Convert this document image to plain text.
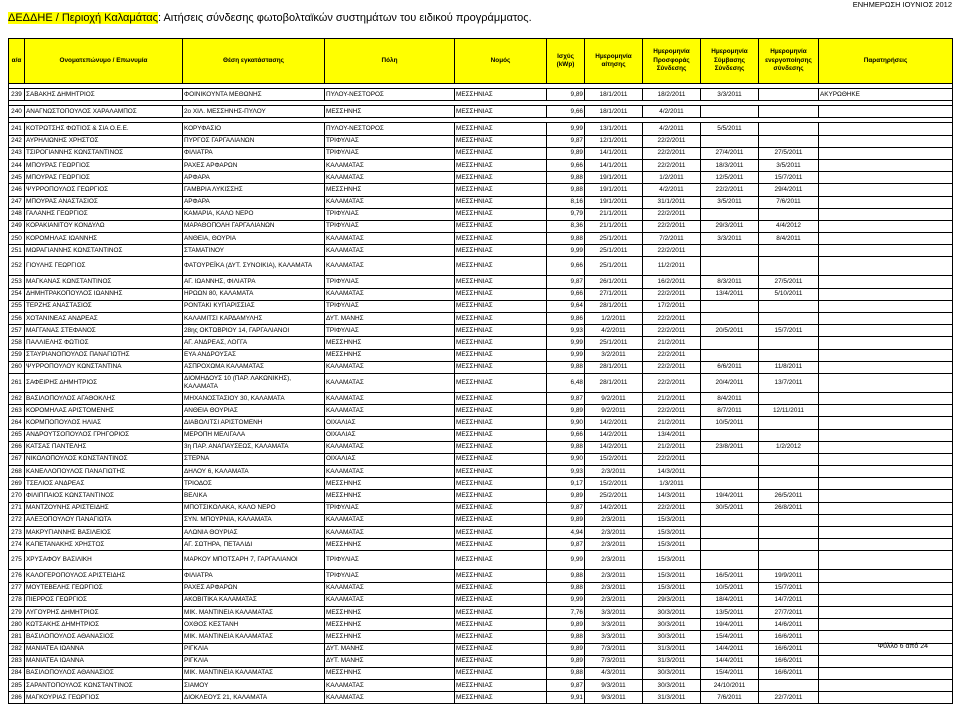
ΕΝΗΜΕΡΩΣΗ ΙΟΥΝΙΟΣ 2012
ΔΕΔΔΗΕ / Περιοχή Καλαμάτας: Αιτήσεις σύνδεσης φωτοβολταϊκών συστημάτων του ειδικού προγράμματος.
α/α	Ονοματεπώνυμο / Επωνυμία	Θέση εγκατάστασης	Πόλη	Νομός	Ισχύς (kWp)	Ημερομηνία αίτησης	Ημερομηνία Προσφοράς Σύνδεσης	Ημερομηνία Σύμβασης Σύνδεσης	Ημερομηνία ενεργοποίησης σύνδεσης	Παρατηρήσεις

239	ΣΑΒΑΚΗΣ ΔΗΜΗΤΡΙΟΣ	ΦΟΙΝΙΚΟΥΝΤΑ ΜΕΘΩΝΗΣ	ΠΥΛΟΥ-ΝΕΣΤΟΡΟΣ	ΜΕΣΣΗΝΙΑΣ	9,89	18/1/2011	18/2/2011	3/3/2011		ΑΚΥΡΩΘΗΚΕ

240	ΑΝΑΓΝΩΣΤΟΠΟΥΛΟΣ ΧΑΡΑΛΑΜΠΟΣ	2ο ΧΙΛ. ΜΕΣΣΗΝΗΣ-ΠΥΛΟΥ	ΜΕΣΣΗΝΗΣ	ΜΕΣΣΗΝΙΑΣ	9,66	18/1/2011	4/2/2011			

241	ΚΟΤΡΩΤΣΗΣ ΦΩΤΙΟΣ & ΣΙΑ Ο.Ε.Ε.	ΚΟΡΥΦΑΣΙΟ	ΠΥΛΟΥ-ΝΕΣΤΟΡΟΣ	ΜΕΣΣΗΝΙΑΣ	9,99	13/1/2011	4/2/2011	5/5/2011		
242	ΑΥΡΗΛΙΩΝΗΣ ΧΡΗΣΤΟΣ	ΠΥΡΓΟΣ ΓΑΡΓΑΛΙΑΝΩΝ	ΤΡΙΦΥΛΙΑΣ	ΜΕΣΣΗΝΙΑΣ	9,87	12/1/2011	22/2/2011			
243	ΤΣΙΡΟΓΙΑΝΝΗΣ ΚΩΝΣΤΑΝΤΙΝΟΣ	ΦΙΛΙΑΤΡΑ	ΤΡΙΦΥΛΙΑΣ	ΜΕΣΣΗΝΙΑΣ	9,89	14/1/2011	22/2/2011	27/4/2011	27/5/2011	
244	ΜΠΟΥΡΑΣ ΓΕΩΡΓΙΟΣ	ΡΑΧΕΣ ΑΡΦΑΡΩΝ	ΚΑΛΑΜΑΤΑΣ	ΜΕΣΣΗΝΙΑΣ	9,66	14/1/2011	22/2/2011	18/3/2011	3/5/2011	
245	ΜΠΟΥΡΑΣ ΓΕΩΡΓΙΟΣ	ΑΡΦΑΡΑ	ΚΑΛΑΜΑΤΑΣ	ΜΕΣΣΗΝΙΑΣ	9,88	19/1/2011	1/2/2011	12/5/2011	15/7/2011	
246	ΨΥΡΡΟΠΟΥΛΟΣ ΓΕΩΡΓΙΟΣ	ΓΑΜΒΡΙΑ ΛΥΚΙΣΣΗΣ	ΜΕΣΣΗΝΗΣ	ΜΕΣΣΗΝΙΑΣ	9,88	19/1/2011	4/2/2011	22/2/2011	29/4/2011	
247	ΜΠΟΥΡΑΣ ΑΝΑΣΤΑΣΙΟΣ	ΑΡΦΑΡΑ	ΚΑΛΑΜΑΤΑΣ	ΜΕΣΣΗΝΙΑΣ	8,16	19/1/2011	31/1/2011	3/5/2011	7/6/2011	
248	ΓΑΛΑΝΗΣ ΓΕΩΡΓΙΟΣ	ΚΑΜΑΡΙΑ, ΚΑΛΟ ΝΕΡΟ	ΤΡΙΦΥΛΙΑΣ	ΜΕΣΣΗΝΙΑΣ	9,79	21/1/2011	22/2/2011			
249	ΚΟΡΑΚΙΑΝΙΤΟΥ ΚΟΝΔΥΛΩ	ΜΑΡΑΘΟΠΟΛΗ ΓΑΡΓΑΛΙΑΝΩΝ	ΤΡΙΦΥΛΙΑΣ	ΜΕΣΣΗΝΙΑΣ	8,36	21/1/2011	22/2/2011	29/3/2011	4/4/2012	
250	ΚΟΡΟΜΗΛΑΣ ΙΩΑΝΝΗΣ	ΑΝΘΕΙΑ, ΘΟΥΡΙΑ	ΚΑΛΑΜΑΤΑΣ	ΜΕΣΣΗΝΙΑΣ	9,88	25/1/2011	7/2/2011	3/3/2011	8/4/2011	
251	ΜΩΡΑΓΙΑΝΝΗΣ ΚΩΝΣΤΑΝΤΙΝΟΣ	ΣΤΑΜΑΤΙΝΟΥ	ΚΑΛΑΜΑΤΑΣ	ΜΕΣΣΗΝΙΑΣ	9,99	25/1/2011	22/2/2011			
252	ΓΙΟΥΛΗΣ ΓΕΩΡΓΙΟΣ	ΦΑΤΟΥΡΕΪΚΑ (ΔΥΤ. ΣΥΝΟΙΚΙΑ), ΚΑΛΑΜΑΤΑ	ΚΑΛΑΜΑΤΑΣ	ΜΕΣΣΗΝΙΑΣ	9,66	25/1/2011	11/2/2011			
253	ΜΑΓΚΑΝΑΣ ΚΩΝΣΤΑΝΤΙΝΟΣ	ΑΓ. ΙΩΑΝΝΗΣ, ΦΙΛΙΑΤΡΑ	ΤΡΙΦΥΛΙΑΣ	ΜΕΣΣΗΝΙΑΣ	9,87	26/1/2011	16/2/2011	8/3/2011	27/5/2011	
254	ΔΗΜΗΤΡΑΚΟΠΟΥΛΟΣ ΙΩΑΝΝΗΣ	ΗΡΩΩΝ 80, ΚΑΛΑΜΑΤΑ	ΚΑΛΑΜΑΤΑΣ	ΜΕΣΣΗΝΙΑΣ	9,66	27/1/2011	22/2/2011	13/4/2011	5/10/2011	
255	ΤΕΡΖΗΣ ΑΝΑΣΤΑΣΙΟΣ	ΡΟΝΤΑΚΙ ΚΥΠΑΡΙΣΣΙΑΣ	ΤΡΙΦΥΛΙΑΣ	ΜΕΣΣΗΝΙΑΣ	9,64	28/1/2011	17/2/2011			
256	ΧΟΤΑΝΙΝΕΑΣ ΑΝΔΡΕΑΣ	ΚΑΛΑΜΙΤΣΙ ΚΑΡΔΑΜΥΛΗΣ	ΔΥΤ. ΜΑΝΗΣ	ΜΕΣΣΗΝΙΑΣ	9,86	1/2/2011	22/2/2011			
257	ΜΑΓΓΑΝΑΣ ΣΤΕΦΑΝΟΣ	28ης ΟΚΤΩΒΡΙΟΥ 14, ΓΑΡΓΑΛΙΑΝΟΙ	ΤΡΙΦΥΛΙΑΣ	ΜΕΣΣΗΝΙΑΣ	9,93	4/2/2011	22/2/2011	20/5/2011	15/7/2011	
258	ΠΑΛΛΙΕΛΗΣ ΦΩΤΙΟΣ	ΑΓ. ΑΝΔΡΕΑΣ, ΛΟΓΓΑ	ΜΕΣΣΗΝΗΣ	ΜΕΣΣΗΝΙΑΣ	9,99	25/1/2011	21/2/2011			
259	ΣΤΑΥΡΙΑΝΟΠΟΥΛΟΣ ΠΑΝΑΓΙΩΤΗΣ	ΕΥΑ ΑΝΔΡΟΥΣΑΣ	ΜΕΣΣΗΝΗΣ	ΜΕΣΣΗΝΙΑΣ	9,99	3/2/2011	22/2/2011			
260	ΨΥΡΡΟΠΟΥΛΟΥ ΚΩΝΣΤΑΝΤΙΝΑ	ΑΣΠΡΟΧΩΜΑ ΚΑΛΑΜΑΤΑΣ	ΚΑΛΑΜΑΤΑΣ	ΜΕΣΣΗΝΙΑΣ	9,88	28/1/2011	22/2/2011	6/6/2011	11/8/2011	
261	ΣΑΦΕΙΡΗΣ ΔΗΜΗΤΡΙΟΣ	ΔΙΟΜΗΔΟΥΣ 10 (ΠΑΡ. ΛΑΚΩΝΙΚΗΣ), ΚΑΛΑΜΑΤΑ	ΚΑΛΑΜΑΤΑΣ	ΜΕΣΣΗΝΙΑΣ	6,48	28/1/2011	22/2/2011	20/4/2011	13/7/2011	
262	ΒΑΣΙΛΟΠΟΥΛΟΣ ΑΓΑΘΟΚΛΗΣ	ΜΗΧΑΝΟΣΤΑΣΙΟΥ 30, ΚΑΛΑΜΑΤΑ	ΚΑΛΑΜΑΤΑΣ	ΜΕΣΣΗΝΙΑΣ	9,87	9/2/2011	21/2/2011	8/4/2011		
263	ΚΟΡΟΜΗΛΑΣ ΑΡΙΣΤΟΜΕΝΗΣ	ΑΝΘΕΙΑ ΘΟΥΡΙΑΣ	ΚΑΛΑΜΑΤΑΣ	ΜΕΣΣΗΝΙΑΣ	9,89	9/2/2011	22/2/2011	8/7/2011	12/11/2011	
264	ΚΟΡΜΠΟΠΟΥΛΟΣ ΗΛΙΑΣ	ΔΙΑΒΟΛΙΤΣΙ ΑΡΙΣΤΟΜΕΝΗ	ΟΙΧΑΛΙΑΣ	ΜΕΣΣΗΝΙΑΣ	9,90	14/2/2011	21/2/2011	10/5/2011		
265	ΑΝΔΡΟΥΤΣΟΠΟΥΛΟΣ ΓΡΗΓΟΡΙΟΣ	ΜΕΡΟΠΗ ΜΕΛΙΓΑΛΑ	ΟΙΧΑΛΙΑΣ	ΜΕΣΣΗΝΙΑΣ	9,66	14/2/2011	13/4/2011			
266	ΚΑΤΣΑΣ ΠΑΝΤΕΛΗΣ	3η ΠΑΡ. ΑΝΑΠΑΥΣΕΩΣ, ΚΑΛΑΜΑΤΑ	ΚΑΛΑΜΑΤΑΣ	ΜΕΣΣΗΝΙΑΣ	9,88	14/2/2011	21/2/2011	23/8/2011	1/2/2012	
267	ΝΙΚΟΛΟΠΟΥΛΟΣ ΚΩΝΣΤΑΝΤΙΝΟΣ	ΣΤΕΡΝΑ	ΟΙΧΑΛΙΑΣ	ΜΕΣΣΗΝΙΑΣ	9,90	15/2/2011	22/2/2011			
268	ΚΑΝΕΛΛΟΠΟΥΛΟΣ ΠΑΝΑΓΙΩΤΗΣ	ΔΗΛΟΥ 6, ΚΑΛΑΜΑΤΑ	ΚΑΛΑΜΑΤΑΣ	ΜΕΣΣΗΝΙΑΣ	9,93	2/3/2011	14/3/2011			
269	ΤΣΕΛΙΟΣ ΑΝΔΡΕΑΣ	ΤΡΙΟΔΟΣ	ΜΕΣΣΗΝΗΣ	ΜΕΣΣΗΝΙΑΣ	9,17	15/2/2011	1/3/2011			
270	ΦΙΛΙΠΠΑΙΟΣ ΚΩΝΣΤΑΝΤΙΝΟΣ	ΒΕΛΙΚΑ	ΜΕΣΣΗΝΗΣ	ΜΕΣΣΗΝΙΑΣ	9,89	25/2/2011	14/3/2011	19/4/2011	26/5/2011	
271	ΜΑΝΤΖΟΥΝΗΣ ΑΡΙΣΤΕΙΔΗΣ	ΜΠΟΤΣΙΚΟΛΑΚΑ, ΚΑΛΟ ΝΕΡΟ	ΤΡΙΦΥΛΙΑΣ	ΜΕΣΣΗΝΙΑΣ	9,87	14/2/2011	22/2/2011	30/5/2011	26/8/2011	
272	ΑΛΕΞΟΠΟΥΛΟΥ ΠΑΝΑΓΙΩΤΑ	ΣΥΝ. ΜΠΟΥΡΝΙΑ, ΚΑΛΑΜΑΤΑ	ΚΑΛΑΜΑΤΑΣ	ΜΕΣΣΗΝΙΑΣ	9,89	2/3/2011	15/3/2011			
273	ΜΑΚΡΥΓΙΑΝΝΗΣ ΒΑΣΙΛΕΙΟΣ	ΑΛΩΝΙΑ ΘΟΥΡΙΑΣ	ΚΑΛΑΜΑΤΑΣ	ΜΕΣΣΗΝΙΑΣ	4,94	2/3/2011	15/3/2011			
274	ΚΑΠΕΤΑΝΑΚΗΣ ΧΡΗΣΤΟΣ	ΑΓ. ΣΩΤΗΡΑ, ΠΕΤΑΛΙΔΙ	ΜΕΣΣΗΝΗΣ	ΜΕΣΣΗΝΙΑΣ	9,87	2/3/2011	15/3/2011			
275	ΧΡΥΣΑΦΟΥ ΒΑΣΙΛΙΚΗ	ΜΑΡΚΟΥ ΜΠΟΤΣΑΡΗ 7, ΓΑΡΓΑΛΙΑΝΟΙ	ΤΡΙΦΥΛΙΑΣ	ΜΕΣΣΗΝΙΑΣ	9,99	2/3/2011	15/3/2011			
276	ΚΑΛΟΓΕΡΟΠΟΥΛΟΣ ΑΡΙΣΤΕΙΔΗΣ	ΦΙΛΙΑΤΡΑ	ΤΡΙΦΥΛΙΑΣ	ΜΕΣΣΗΝΙΑΣ	9,88	2/3/2011	15/3/2011	16/5/2011	19/9/2011	
277	ΜΟΥΤΕΒΕΛΗΣ ΓΕΩΡΓΙΟΣ	ΡΑΧΕΣ ΑΡΦΑΡΩΝ	ΚΑΛΑΜΑΤΑΣ	ΜΕΣΣΗΝΙΑΣ	9,88	2/3/2011	15/3/2011	10/5/2011	15/7/2011	
278	ΠΙΕΡΡΟΣ ΓΕΩΡΓΙΟΣ	ΑΚΟΒΙΤΙΚΑ ΚΑΛΑΜΑΤΑΣ	ΚΑΛΑΜΑΤΑΣ	ΜΕΣΣΗΝΙΑΣ	9,99	2/3/2011	29/3/2011	18/4/2011	14/7/2011	
279	ΛΥΓΟΥΡΗΣ ΔΗΜΗΤΡΙΟΣ	ΜΙΚ. ΜΑΝΤΙΝΕΙΑ ΚΑΛΑΜΑΤΑΣ	ΜΕΣΣΗΝΗΣ	ΜΕΣΣΗΝΙΑΣ	7,76	3/3/2011	30/3/2011	13/5/2011	27/7/2011	
280	ΚΩΤΣΑΚΗΣ ΔΗΜΗΤΡΙΟΣ	ΟΧΘΟΣ ΚΕΣΤΑΝΗ	ΜΕΣΣΗΝΗΣ	ΜΕΣΣΗΝΙΑΣ	9,89	3/3/2011	30/3/2011	19/4/2011	14/6/2011	
281	ΒΑΣΙΛΟΠΟΥΛΟΣ ΑΘΑΝΑΣΙΟΣ	ΜΙΚ. ΜΑΝΤΙΝΕΙΑ ΚΑΛΑΜΑΤΑΣ	ΜΕΣΣΗΝΗΣ	ΜΕΣΣΗΝΙΑΣ	9,88	3/3/2011	30/3/2011	15/4/2011	16/6/2011	
282	ΜΑΝΙΑΤΕΑ ΙΩΑΝΝΑ	ΡΙΓΚΛΙΑ	ΔΥΤ. ΜΑΝΗΣ	ΜΕΣΣΗΝΙΑΣ	9,89	7/3/2011	31/3/2011	14/4/2011	16/6/2011	
283	ΜΑΝΙΑΤΕΑ ΙΩΑΝΝΑ	ΡΙΓΚΛΙΑ	ΔΥΤ. ΜΑΝΗΣ	ΜΕΣΣΗΝΙΑΣ	9,89	7/3/2011	31/3/2011	14/4/2011	16/6/2011	
284	ΒΑΣΙΛΟΠΟΥΛΟΣ ΑΘΑΝΑΣΙΟΣ	ΜΙΚ. ΜΑΝΤΙΝΕΙΑ ΚΑΛΑΜΑΤΑΣ	ΜΕΣΣΗΝΗΣ	ΜΕΣΣΗΝΙΑΣ	9,88	4/3/2011	30/3/2011	15/4/2011	16/6/2011	
285	ΣΑΡΑΝΤΟΠΟΥΛΟΣ ΚΩΝΣΤΑΝΤΙΝΟΣ	ΣΙΑΜΟΥ	ΚΑΛΑΜΑΤΑΣ	ΜΕΣΣΗΝΙΑΣ	9,87	9/3/2011	30/3/2011	24/10/2011		
286	ΜΑΓΚΟΥΡΙΑΣ ΓΕΩΡΓΙΟΣ	ΔΙΟΚΛΕΟΥΣ 21, ΚΑΛΑΜΑΤΑ	ΚΑΛΑΜΑΤΑΣ	ΜΕΣΣΗΝΙΑΣ	9,91	9/3/2011	31/3/2011	7/6/2011	22/7/2011	
Φύλλο 6 από 24
